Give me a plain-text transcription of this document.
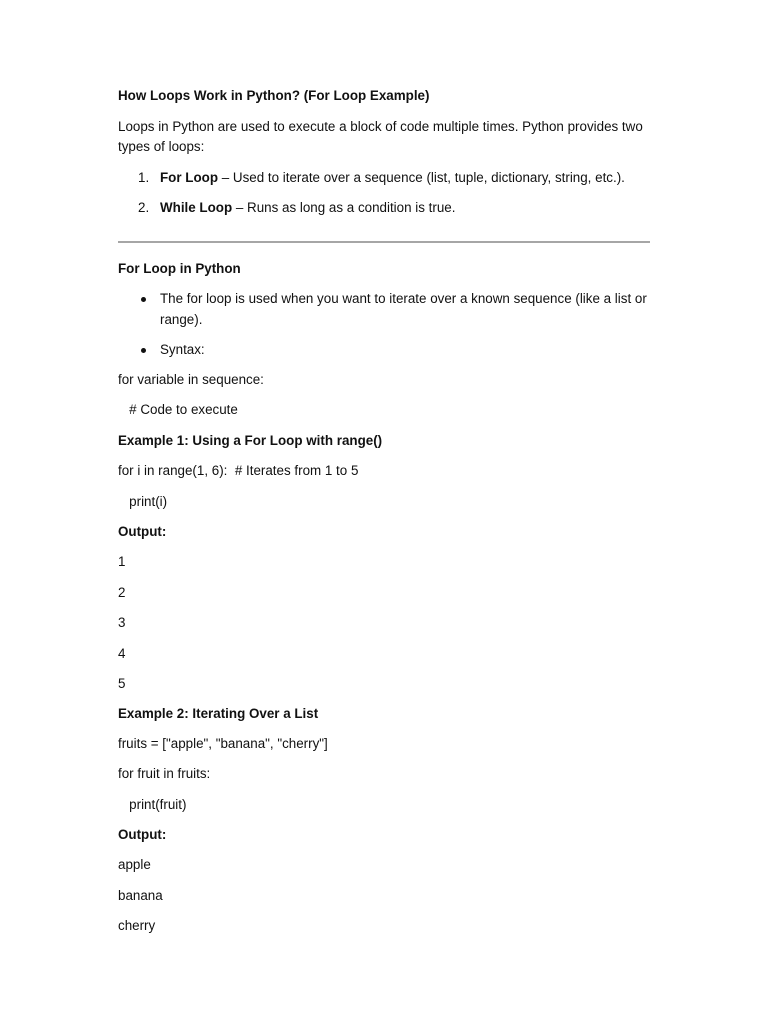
How Loops Work in Python? (For Loop Example)
Loops in Python are used to execute a block of code multiple times. Python provides two
types of loops:
1. For Loop – Used to iterate over a sequence (list, tuple, dictionary, string, etc.).
2. While Loop – Runs as long as a condition is true.
For Loop in Python
The for loop is used when you want to iterate over a known sequence (like a list or
range).
Syntax:
for variable in sequence:
# Code to execute
Example 1: Using a For Loop with range()
for i in range(1, 6):  # Iterates from 1 to 5
print(i)
Output:
1
2
3
4
5
Example 2: Iterating Over a List
fruits = ["apple", "banana", "cherry"]
for fruit in fruits:
print(fruit)
Output:
apple
banana
cherry
